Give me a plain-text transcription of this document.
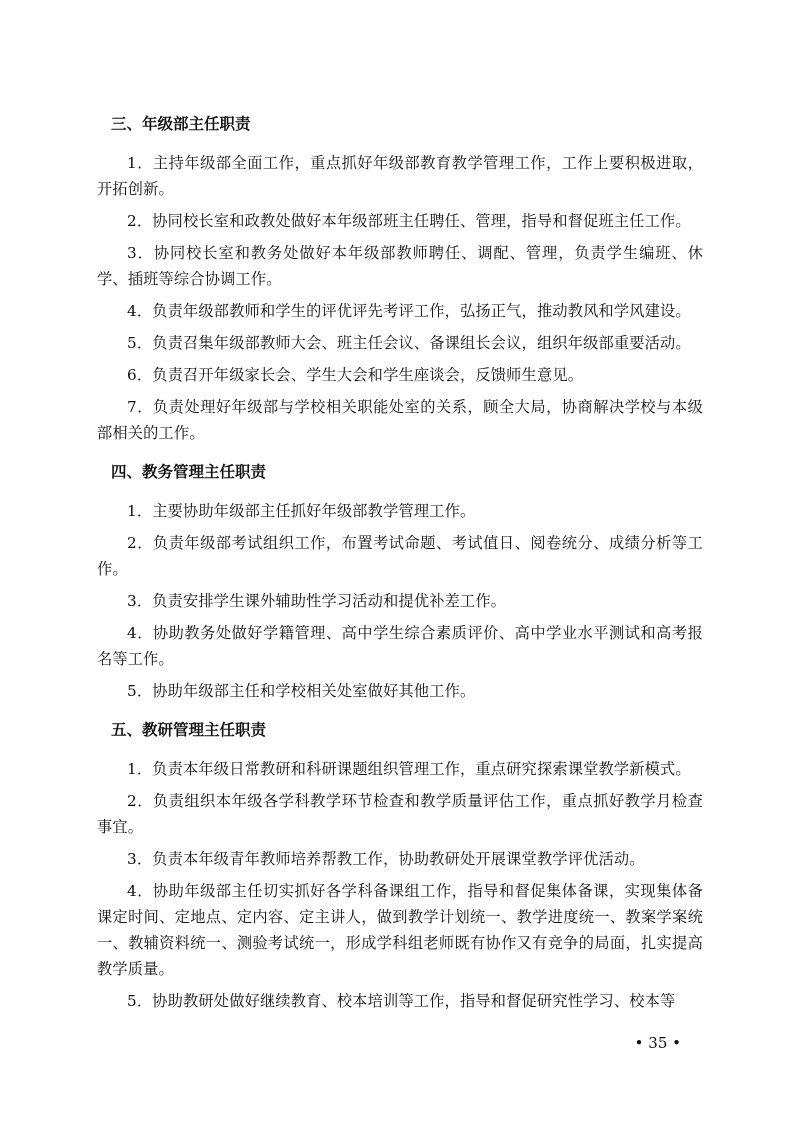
三、年级部主任职责

1．主持年级部全面工作，重点抓好年级部教育教学管理工作，工作上要积极进取，开拓创新。

2．协同校长室和政教处做好本年级部班主任聘任、管理，指导和督促班主任工作。

3．协同校长室和教务处做好本年级部教师聘任、调配、管理，负责学生编班、休学、插班等综合协调工作。

4．负责年级部教师和学生的评优评先考评工作，弘扬正气，推动教风和学风建设。

5．负责召集年级部教师大会、班主任会议、备课组长会议，组织年级部重要活动。

6．负责召开年级家长会、学生大会和学生座谈会，反馈师生意见。

7．负责处理好年级部与学校相关职能处室的关系，顾全大局，协商解决学校与本级部相关的工作。

四、教务管理主任职责

1．主要协助年级部主任抓好年级部教学管理工作。

2．负责年级部考试组织工作，布置考试命题、考试值日、阅卷统分、成绩分析等工作。

3．负责安排学生课外辅助性学习活动和提优补差工作。

4．协助教务处做好学籍管理、高中学生综合素质评价、高中学业水平测试和高考报名等工作。

5．协助年级部主任和学校相关处室做好其他工作。

五、教研管理主任职责

1．负责本年级日常教研和科研课题组织管理工作，重点研究探索课堂教学新模式。

2．负责组织本年级各学科教学环节检查和教学质量评估工作，重点抓好教学月检查事宜。

3．负责本年级青年教师培养帮教工作，协助教研处开展课堂教学评优活动。

4．协助年级部主任切实抓好各学科备课组工作，指导和督促集体备课，实现集体备课定时间、定地点、定内容、定主讲人，做到教学计划统一、教学进度统一、教案学案统一、教辅资料统一、测验考试统一，形成学科组老师既有协作又有竞争的局面，扎实提高教学质量。

5．协助教研处做好继续教育、校本培训等工作，指导和督促研究性学习、校本等

• 35 •
